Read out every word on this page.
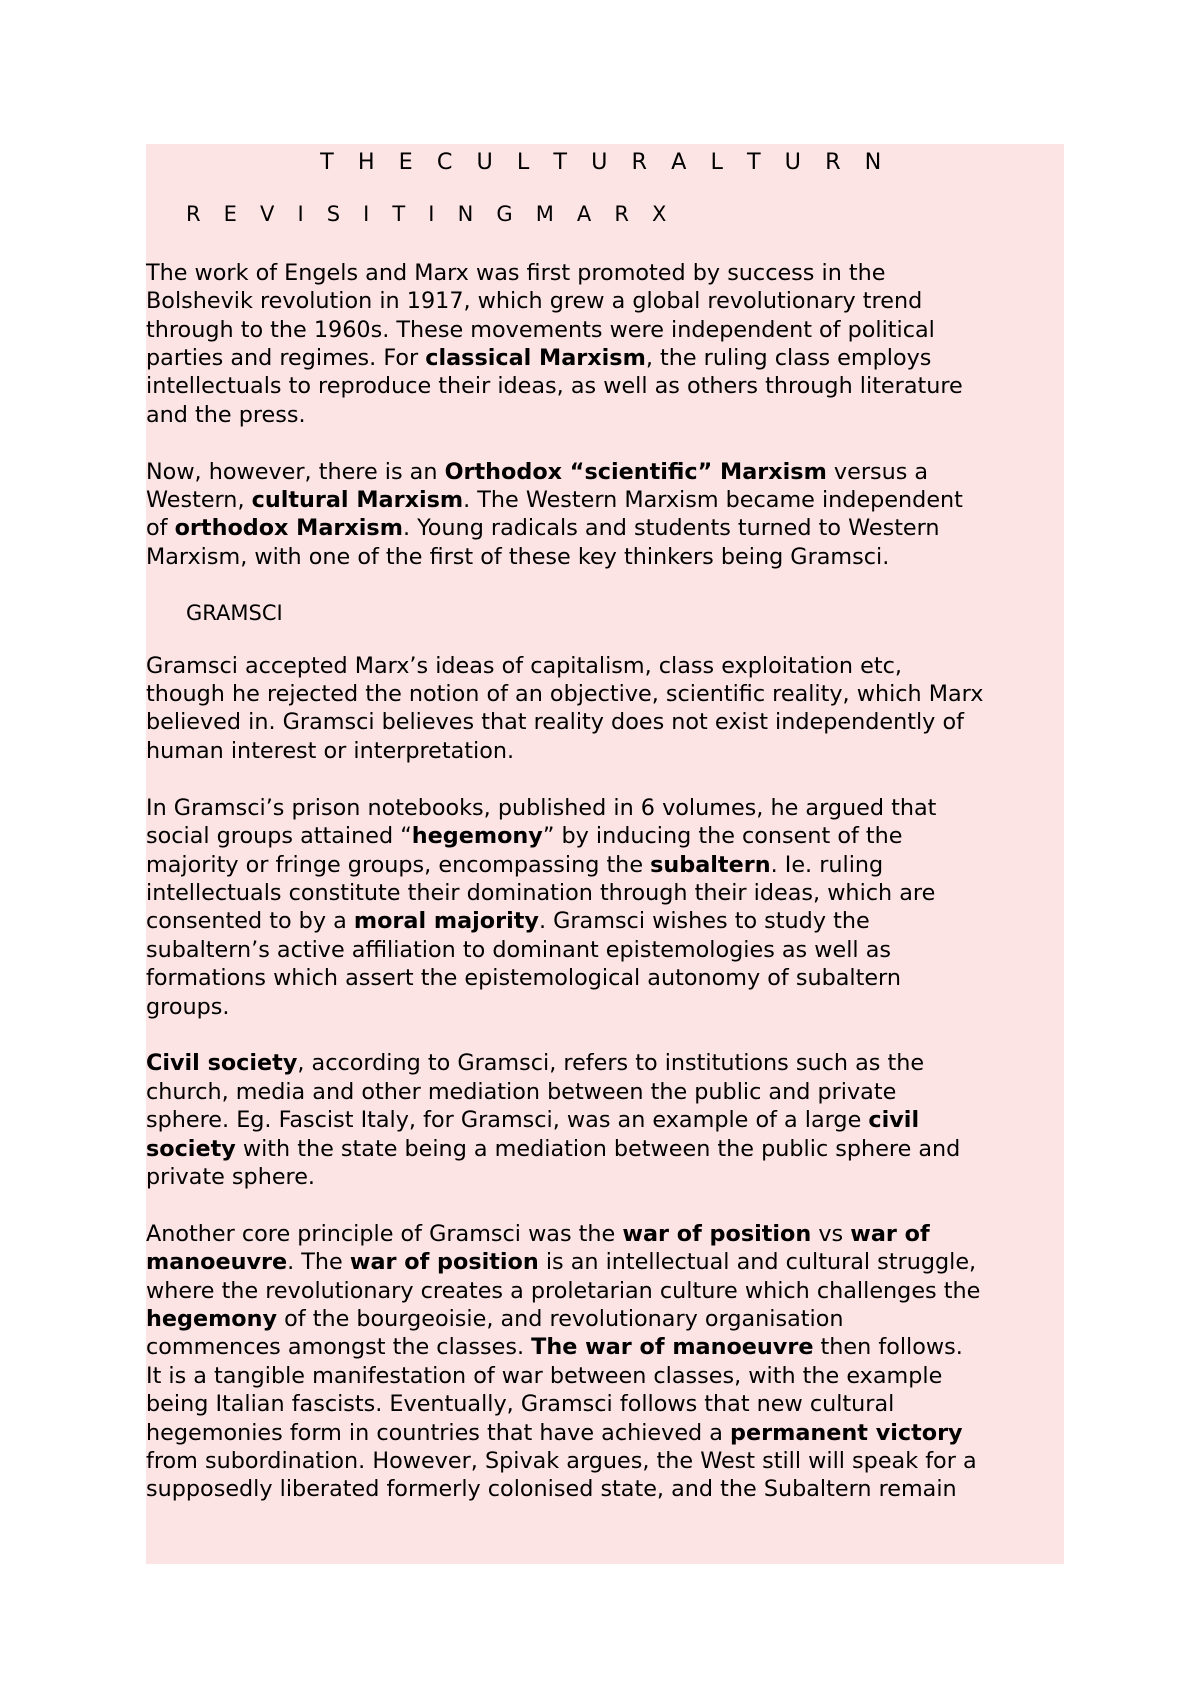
T H E C U L T U R A L T U R N

R E V I S I T I N G M A R X

The work of Engels and Marx was first promoted by success in the

Bolshevik revolution in 1917, which grew a global revolutionary trend

through to the 1960s. These movements were independent of political

parties and regimes. For classical Marxism, the ruling class employs

intellectuals to reproduce their ideas, as well as others through literature

and the press.

Now, however, there is an Orthodox “scientific” Marxism versus a

Western, cultural Marxism. The Western Marxism became independent

of orthodox Marxism. Young radicals and students turned to Western

Marxism, with one of the first of these key thinkers being Gramsci.

GRAMSCI

Gramsci accepted Marx’s ideas of capitalism, class exploitation etc,

though he rejected the notion of an objective, scientific reality, which Marx

believed in. Gramsci believes that reality does not exist independently of

human interest or interpretation.

In Gramsci’s prison notebooks, published in 6 volumes, he argued that

social groups attained “hegemony” by inducing the consent of the

majority or fringe groups, encompassing the subaltern. Ie. ruling

intellectuals constitute their domination through their ideas, which are

consented to by a moral majority. Gramsci wishes to study the

subaltern’s active affiliation to dominant epistemologies as well as

formations which assert the epistemological autonomy of subaltern

groups.

Civil society, according to Gramsci, refers to institutions such as the

church, media and other mediation between the public and private

sphere. Eg. Fascist Italy, for Gramsci, was an example of a large civil

society with the state being a mediation between the public sphere and

private sphere.

Another core principle of Gramsci was the war of position vs war of

manoeuvre. The war of position is an intellectual and cultural struggle,

where the revolutionary creates a proletarian culture which challenges the

hegemony of the bourgeoisie, and revolutionary organisation

commences amongst the classes. The war of manoeuvre then follows.

It is a tangible manifestation of war between classes, with the example

being Italian fascists. Eventually, Gramsci follows that new cultural

hegemonies form in countries that have achieved a permanent victory

from subordination. However, Spivak argues, the West still will speak for a

supposedly liberated formerly colonised state, and the Subaltern remain
